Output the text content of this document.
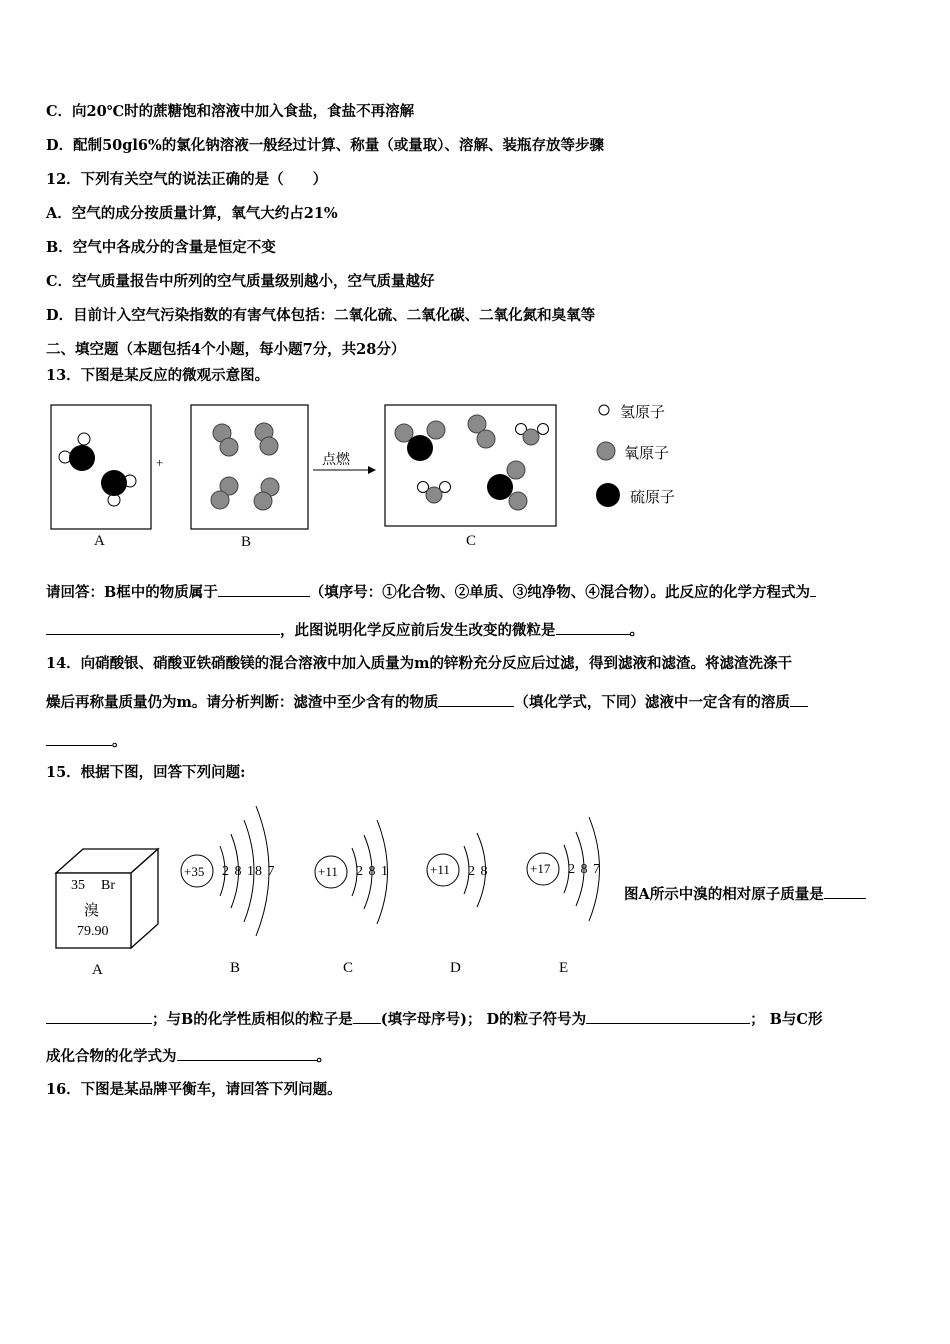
C．向20℃时的蔗糖饱和溶液中加入食盐，食盐不再溶解
D．配制50gl6%的氯化钠溶液一般经过计算、称量（或量取）、溶解、装瓶存放等步骤
12．下列有关空气的说法正确的是（　　）
A．空气的成分按质量计算，氧气大约占21%
B．空气中各成分的含量是恒定不变
C．空气质量报告中所列的空气质量级别越小，空气质量越好
D．目前计入空气污染指数的有害气体包括：二氧化硫、二氧化碳、二氧化氮和臭氧等
二、填空题（本题包括4个小题，每小题7分，共28分）
13．下图是某反应的微观示意图。
+	点燃
A	B	C
氢原子
氧原子
硫原子
请回答：B框中的物质属于	（填序号：①化合物、②单质、③纯净物、④混合物）。此反应的化学方程式为
，此图说明化学反应前后发生改变的微粒是	。
14．向硝酸银、硝酸亚铁硝酸镁的混合溶液中加入质量为m的锌粉充分反应后过滤，得到滤液和滤渣。将滤渣洗涤干
燥后再称量质量仍为m。请分析判断：滤渣中至少含有的物质	（填化学式，下同）滤液中一定含有的溶质
。
15．根据下图，回答下列问题:
35 Br
溴
79.90
+35 2 8 18 7	+11 2 8 1	+11 2 8	+17 2 8 7
A	B	C	D	E
图A所示中溴的相对原子质量是
；与B的化学性质相似的粒子是 (填字母序号)； D的粒子符号为	； B与C形
成化合物的化学式为	。
16．下图是某品牌平衡车，请回答下列问题。
